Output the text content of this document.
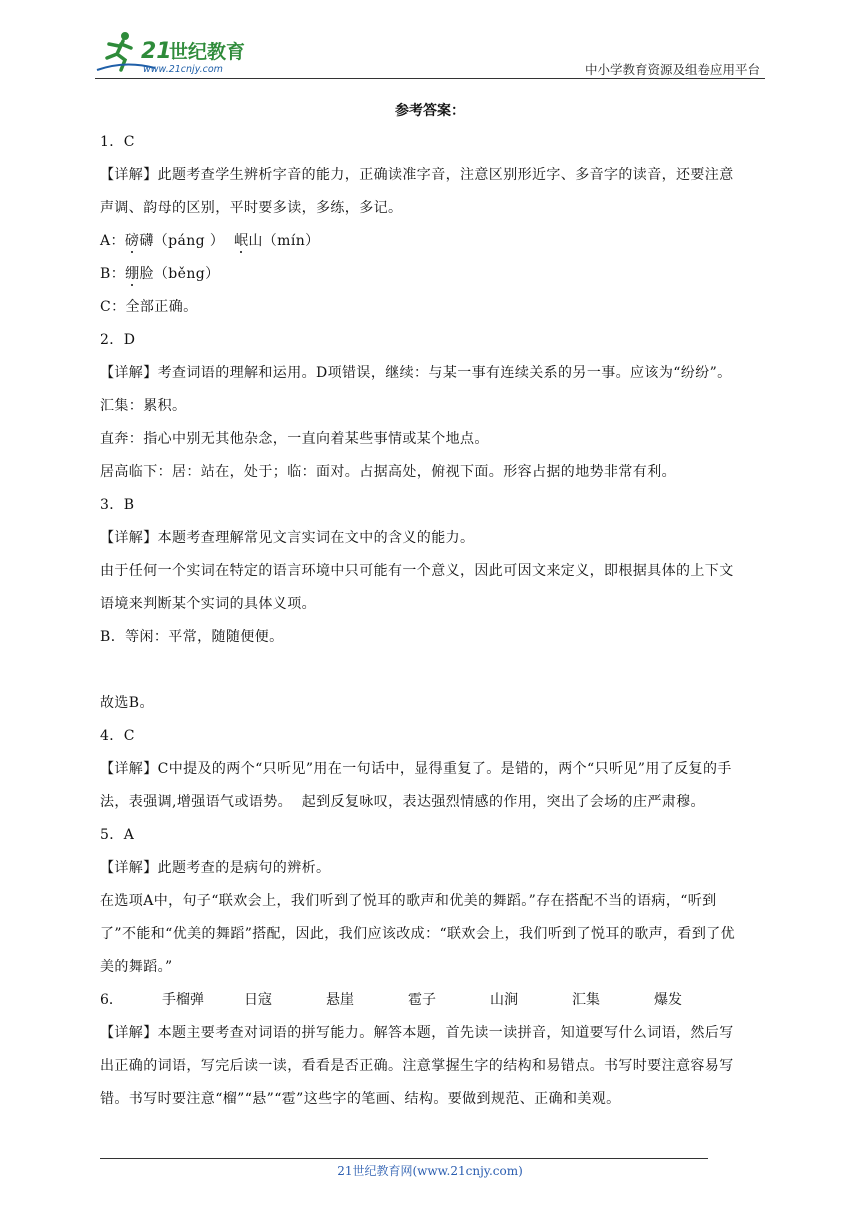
21
世纪教育
www.21cnjy.com	中小学教育资源及组卷应用平台
参考答案：

1．C

【详解】此题考查学生辨析字音的能力，正确读准字音，注意区别形近字、多音字的读音，还要注意

声调、韵母的区别，平时要多读，多练，多记。

A：磅礴（páng ）  岷山（mín）

B：绷脸（běng）

C：全部正确。

2．D

【详解】考查词语的理解和运用。D项错误，继续：与某一事有连续关系的另一事。应该为“纷纷”。

汇集：累积。

直奔：指心中别无其他杂念，一直向着某些事情或某个地点。

居高临下：居：站在，处于；临：面对。占据高处，俯视下面。形容占据的地势非常有利。

3．B

【详解】本题考查理解常见文言实词在文中的含义的能力。

由于任何一个实词在特定的语言环境中只可能有一个意义，因此可因文来定义，即根据具体的上下文

语境来判断某个实词的具体义项。

B．等闲：平常，随随便便。

故选B。

4．C

【详解】C中提及的两个“只听见”用在一句话中，显得重复了。是错的，两个“只听见”用了反复的手

法，表强调,增强语气或语势。  起到反复咏叹，表达强烈情感的作用，突出了会场的庄严肃穆。

5．A

【详解】此题考查的是病句的辨析。

在选项A中，句子“联欢会上，我们听到了悦耳的歌声和优美的舞蹈。”存在搭配不当的语病，“听到

了”不能和“优美的舞蹈”搭配，因此，我们应该改成：“联欢会上，我们听到了悦耳的歌声，看到了优

美的舞蹈。”

6．	手榴弹	日寇	悬崖	雹子	山涧	汇集	爆发

【详解】本题主要考查对词语的拼写能力。解答本题，首先读一读拼音，知道要写什么词语，然后写

出正确的词语，写完后读一读，看看是否正确。注意掌握生字的结构和易错点。书写时要注意容易写

错。书写时要注意“榴”“悬”“雹”这些字的笔画、结构。要做到规范、正确和美观。

21世纪教育网(www.21cnjy.com)
